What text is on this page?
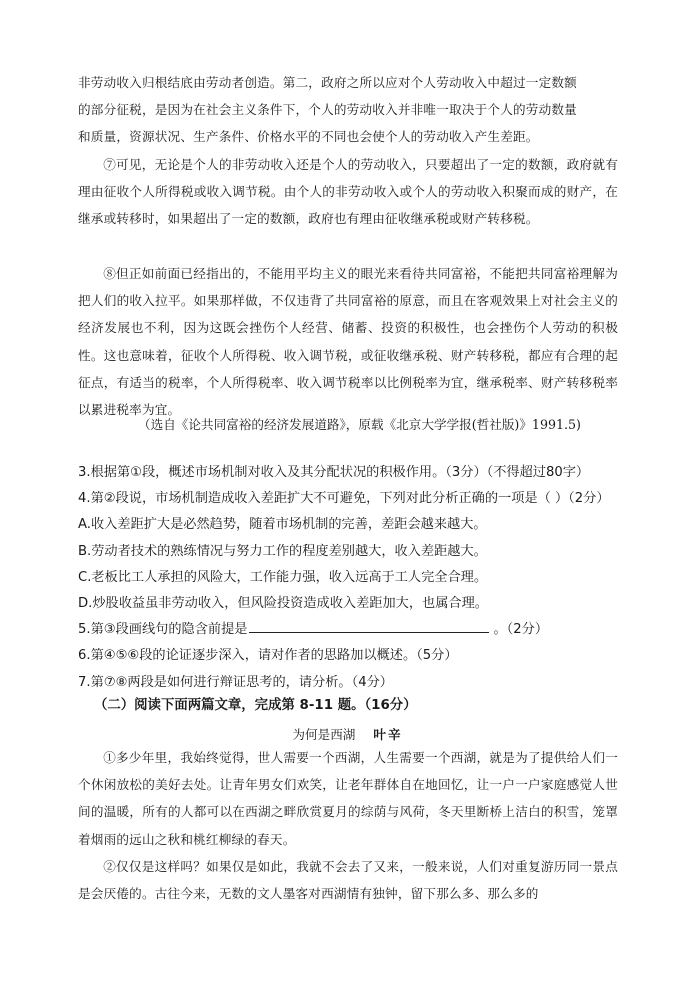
非劳动收入归根结底由劳动者创造。第二，政府之所以应对个人劳动收入中超过一定数额

的部分征税，是因为在社会主义条件下，个人的劳动收入并非唯一取决于个人的劳动数量

和质量，资源状况、生产条件、价格水平的不同也会使个人的劳动收入产生差距。

⑦可见，无论是个人的非劳动收入还是个人的劳动收入，只要超出了一定的数额，政府就有理由征收个人所得税或收入调节税。由个人的非劳动收入或个人的劳动收入积聚而成的财产，在继承或转移时，如果超出了一定的数额，政府也有理由征收继承税或财产转移税。

⑧但正如前面已经指出的，不能用平均主义的眼光来看待共同富裕，不能把共同富裕理解为把人们的收入拉平。如果那样做，不仅违背了共同富裕的原意，而且在客观效果上对社会主义的经济发展也不利，因为这既会挫伤个人经营、储蓄、投资的积极性，也会挫伤个人劳动的积极性。这也意味着，征收个人所得税、收入调节税，或征收继承税、财产转移税，都应有合理的起征点，有适当的税率，个人所得税率、收入调节税率以比例税率为宜，继承税率、财产转移税率以累进税率为宜。

（选自《论共同富裕的经济发展道路》，原载《北京大学学报(哲社版)》1991.5)
3.根据第①段，概述市场机制对收入及其分配状况的积极作用。（3分）（不得超过80字）
4.第②段说，市场机制造成收入差距扩大不可避免，下列对此分析正确的一项是（ ）（2分）
A.收入差距扩大是必然趋势，随着市场机制的完善，差距会越来越大。
B.劳动者技术的熟练情况与努力工作的程度差别越大，收入差距越大。
C.老板比工人承担的风险大，工作能力强，收入远高于工人完全合理。
D.炒股收益虽非劳动收入，但风险投资造成收入差距加大，也属合理。
5.第③段画线句的隐含前提是	。（2分）
6.第④⑤⑥段的论证逐步深入，请对作者的思路加以概述。（5分）
7.第⑦⑧两段是如何进行辩证思考的，请分析。（4分）
（二）阅读下面两篇文章，完成第 8-11 题。（16分）
为何是西湖 叶辛

①多少年里，我始终觉得，世人需要一个西湖，人生需要一个西湖，就是为了提供给人们一个休闲放松的美好去处。让青年男女们欢笑，让老年群体自在地回忆，让一户一户家庭感觉人世间的温暖，所有的人都可以在西湖之畔欣赏夏月的综荫与风荷，冬天里断桥上洁白的积雪，笼罩着烟雨的远山之秋和桃红柳绿的春天。

②仅仅是这样吗？如果仅是如此，我就不会去了又来，一般来说，人们对重复游历同一景点是会厌倦的。古往今来，无数的文人墨客对西湖情有独钟，留下那么多、那么多的
